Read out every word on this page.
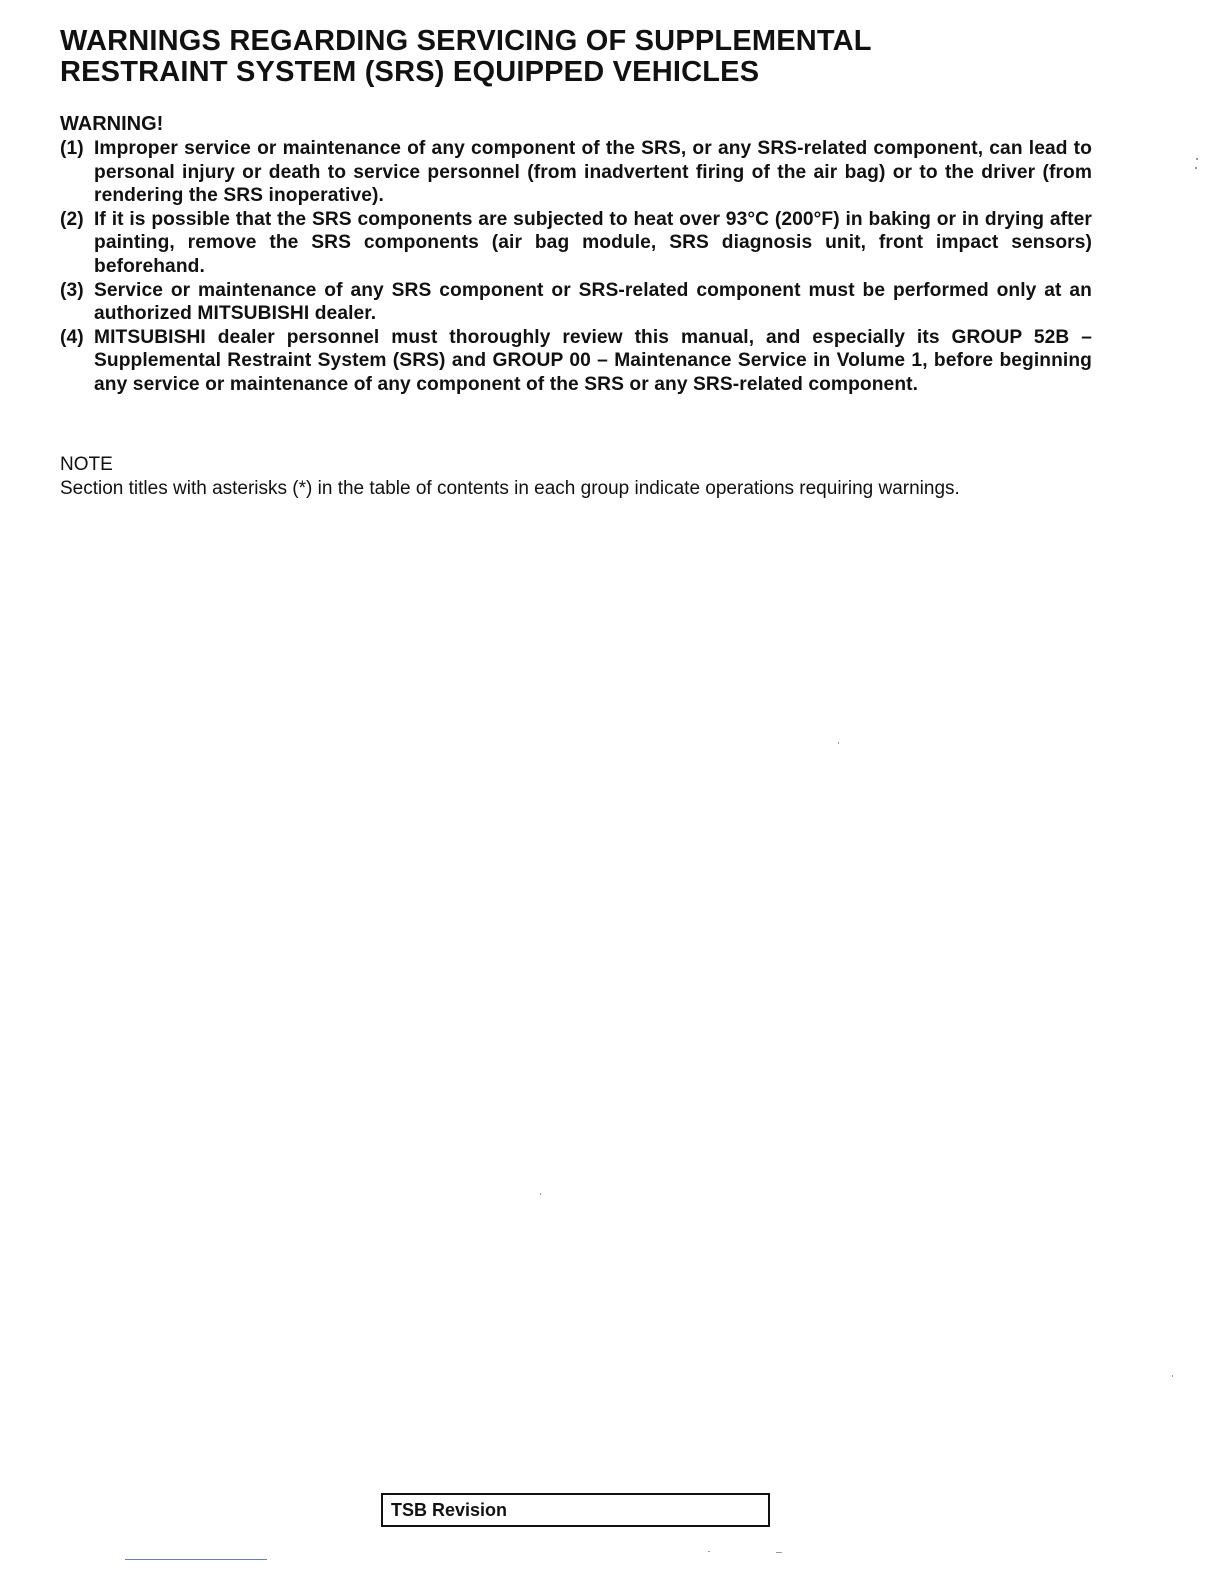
WARNINGS REGARDING SERVICING OF SUPPLEMENTAL
RESTRAINT SYSTEM (SRS) EQUIPPED VEHICLES
WARNING!
(1) Improper service or maintenance of any component of the SRS, or any SRS-related component, can lead to personal injury or death to service personnel (from inadvertent firing of the air bag) or to the driver (from rendering the SRS inoperative).
(2) If it is possible that the SRS components are subjected to heat over 93°C (200°F) in baking or in drying after painting, remove the SRS components (air bag module, SRS diagnosis unit, front impact sensors) beforehand.
(3) Service or maintenance of any SRS component or SRS-related component must be performed only at an authorized MITSUBISHI dealer.
(4) MITSUBISHI dealer personnel must thoroughly review this manual, and especially its GROUP 52B – Supplemental Restraint System (SRS) and GROUP 00 – Maintenance Service in Volume 1, before beginning any service or maintenance of any component of the SRS or any SRS-related component.
NOTE
Section titles with asterisks (*) in the table of contents in each group indicate operations requiring warnings.
TSB Revision
